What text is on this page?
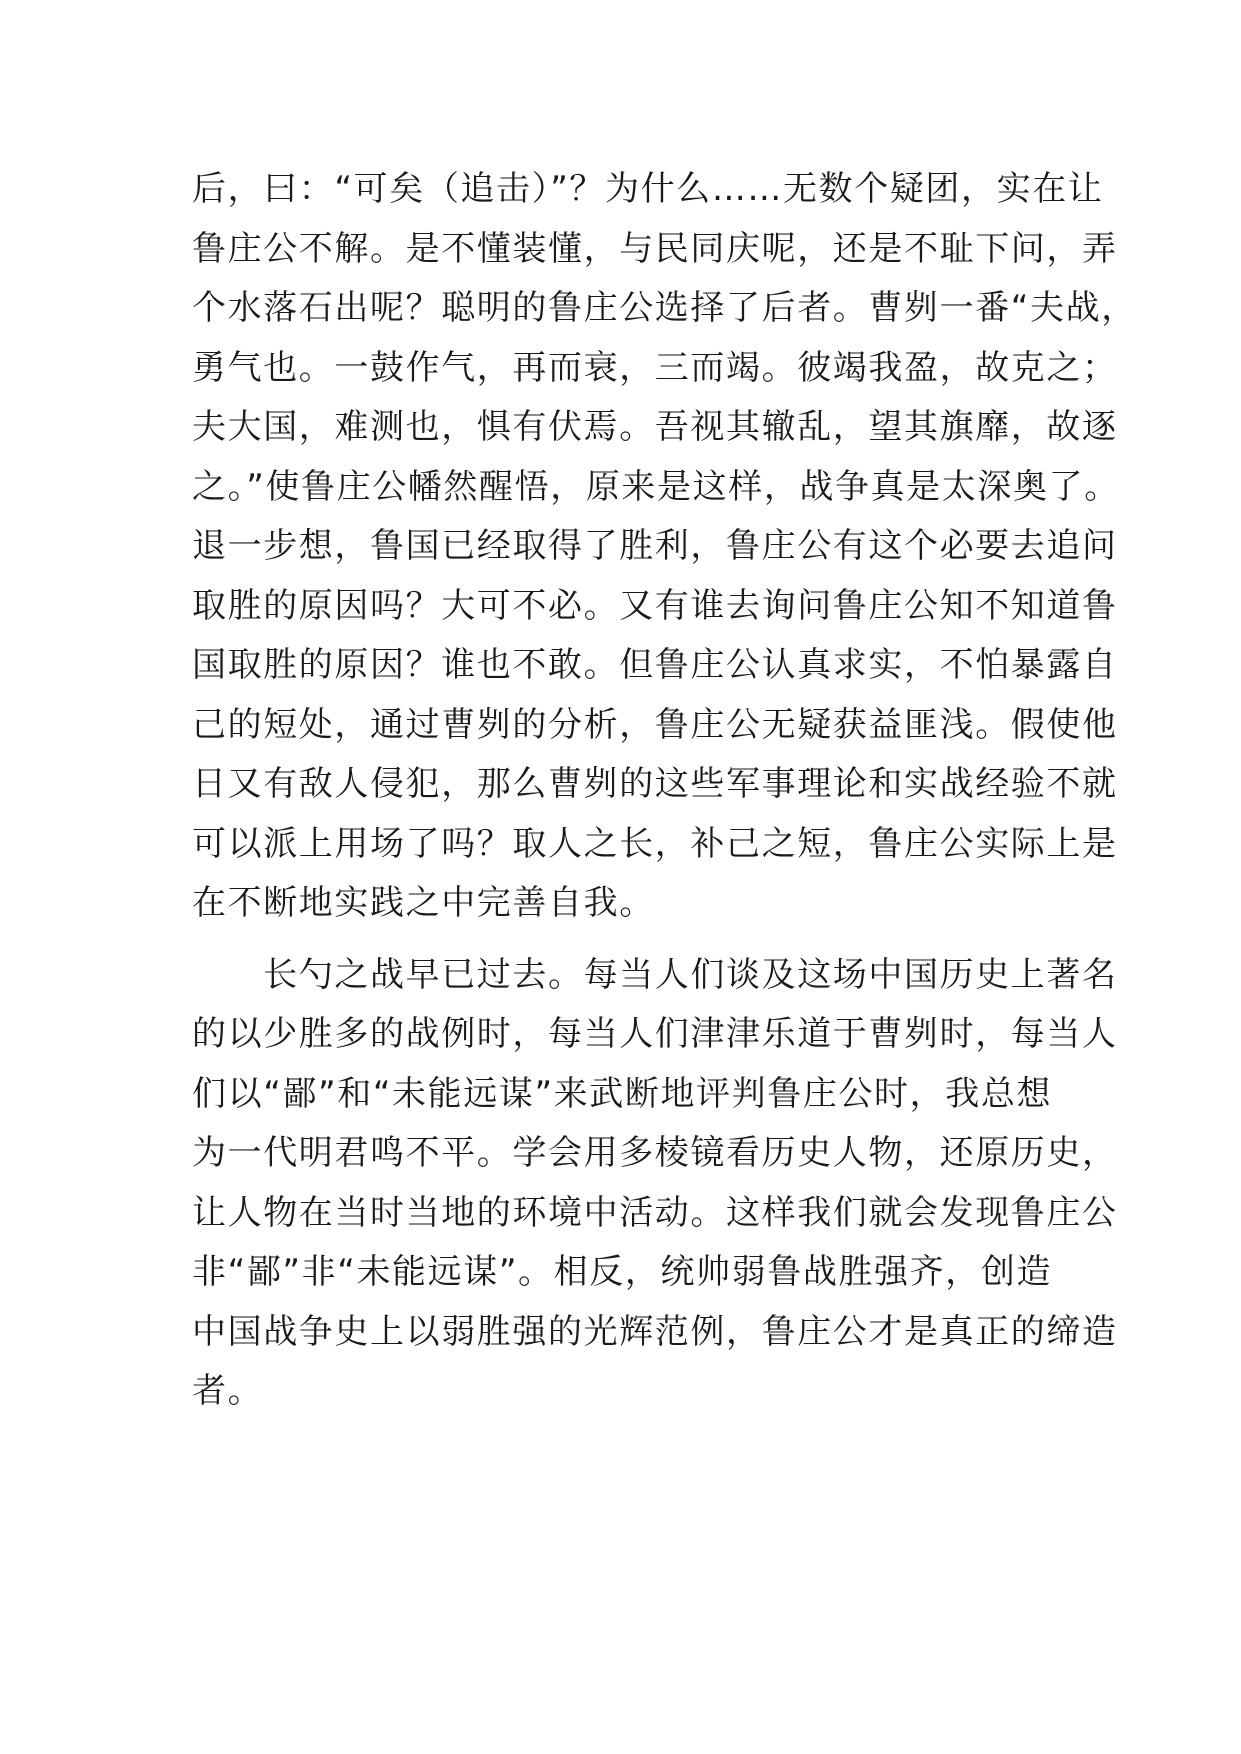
后，曰：“可矣（追击）”？为什么……无数个疑团，实在让
鲁庄公不解。是不懂装懂，与民同庆呢，还是不耻下问，弄
个水落石出呢？聪明的鲁庄公选择了后者。曹刿一番“夫战，
勇气也。一鼓作气，再而衰，三而竭。彼竭我盈，故克之；
夫大国，难测也，惧有伏焉。吾视其辙乱，望其旗靡，故逐
之。”使鲁庄公幡然醒悟，原来是这样，战争真是太深奥了。
退一步想，鲁国已经取得了胜利，鲁庄公有这个必要去追问
取胜的原因吗？大可不必。又有谁去询问鲁庄公知不知道鲁
国取胜的原因？谁也不敢。但鲁庄公认真求实，不怕暴露自
己的短处，通过曹刿的分析，鲁庄公无疑获益匪浅。假使他
日又有敌人侵犯，那么曹刿的这些军事理论和实战经验不就
可以派上用场了吗？取人之长，补己之短，鲁庄公实际上是
在不断地实践之中完善自我。
　　长勺之战早已过去。每当人们谈及这场中国历史上著名
的以少胜多的战例时，每当人们津津乐道于曹刿时，每当人
们以“鄙”和“未能远谋”来武断地评判鲁庄公时，我总想
为一代明君鸣不平。学会用多棱镜看历史人物，还原历史，
让人物在当时当地的环境中活动。这样我们就会发现鲁庄公
非“鄙”非“未能远谋”。相反，统帅弱鲁战胜强齐，创造
中国战争史上以弱胜强的光辉范例，鲁庄公才是真正的缔造
者。
